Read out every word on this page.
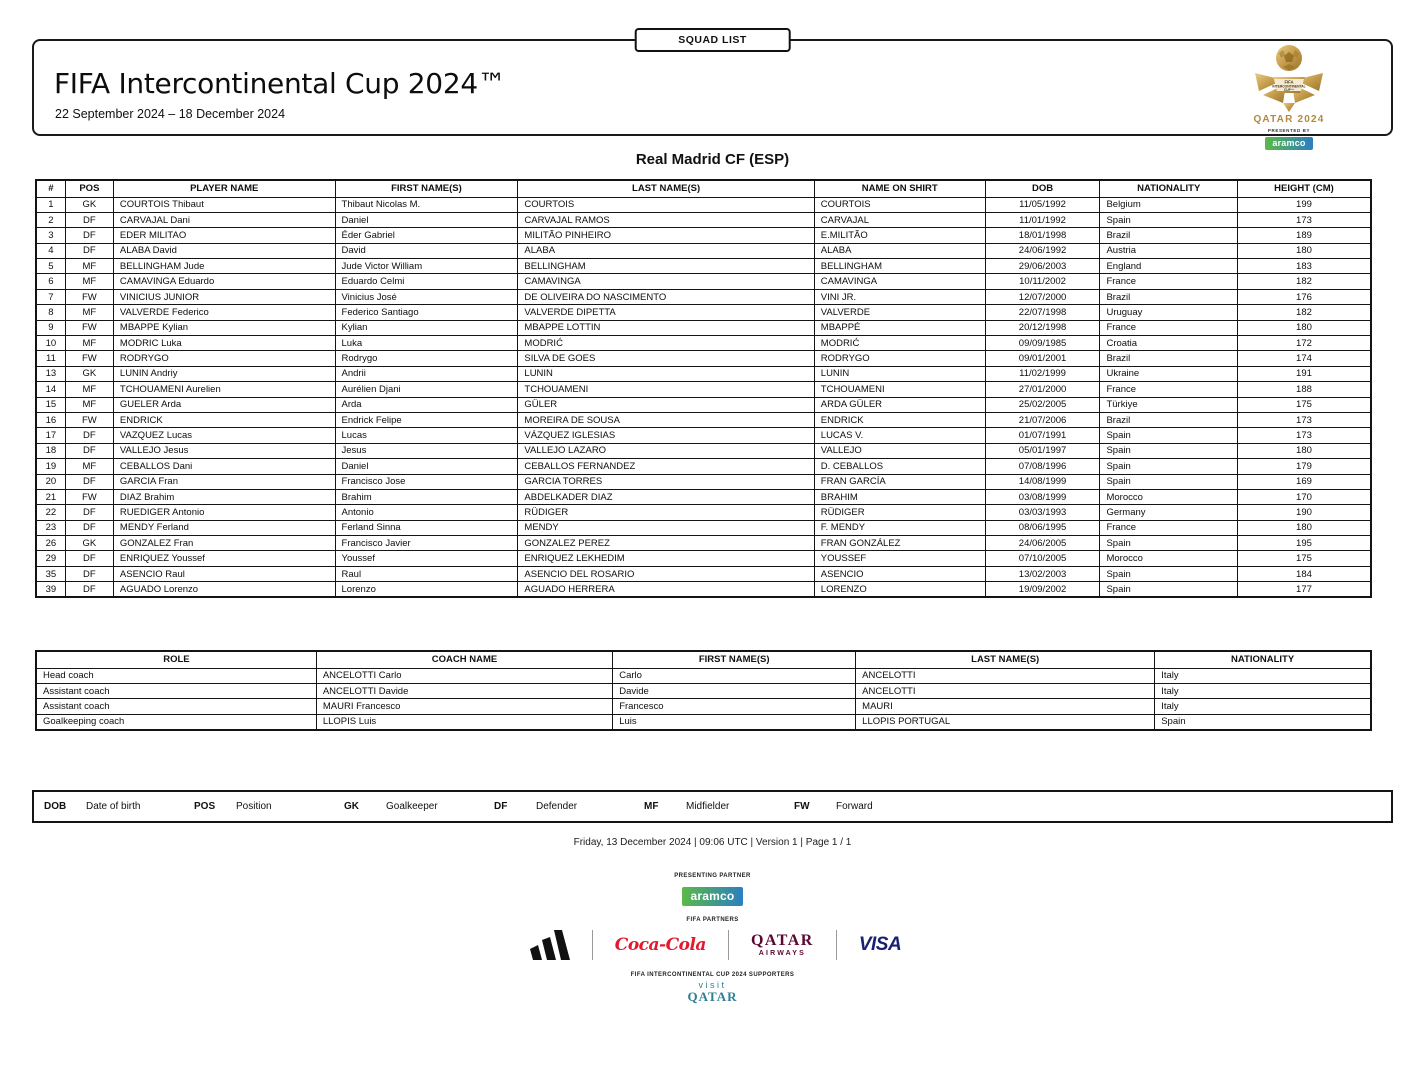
SQUAD LIST
FIFA Intercontinental Cup 2024™
22 September 2024 – 18 December 2024
FIFA
INTERCONTINENTAL
CUP™
QATAR 2024
PRESENTED BY
aramco
Real Madrid CF (ESP)
#	POS	PLAYER NAME	FIRST NAME(S)	LAST NAME(S)	NAME ON SHIRT	DOB	NATIONALITY	HEIGHT (CM)
1	GK	COURTOIS Thibaut	Thibaut Nicolas M.	COURTOIS	COURTOIS	11/05/1992	Belgium	199
2	DF	CARVAJAL Dani	Daniel	CARVAJAL RAMOS	CARVAJAL	11/01/1992	Spain	173
3	DF	EDER MILITAO	Éder Gabriel	MILITÃO PINHEIRO	E.MILITÃO	18/01/1998	Brazil	189
4	DF	ALABA David	David	ALABA	ALABA	24/06/1992	Austria	180
5	MF	BELLINGHAM Jude	Jude Victor William	BELLINGHAM	BELLINGHAM	29/06/2003	England	183
6	MF	CAMAVINGA Eduardo	Eduardo Celmi	CAMAVINGA	CAMAVINGA	10/11/2002	France	182
7	FW	VINICIUS JUNIOR	Vinicius José	DE OLIVEIRA DO NASCIMENTO	VINI JR.	12/07/2000	Brazil	176
8	MF	VALVERDE Federico	Federico Santiago	VALVERDE DIPETTA	VALVERDE	22/07/1998	Uruguay	182
9	FW	MBAPPE Kylian	Kylian	MBAPPE LOTTIN	MBAPPÉ	20/12/1998	France	180
10	MF	MODRIC Luka	Luka	MODRIĆ	MODRIĆ	09/09/1985	Croatia	172
11	FW	RODRYGO	Rodrygo	SILVA DE GOES	RODRYGO	09/01/2001	Brazil	174
13	GK	LUNIN Andriy	Andrii	LUNIN	LUNIN	11/02/1999	Ukraine	191
14	MF	TCHOUAMENI Aurelien	Aurélien Djani	TCHOUAMENI	TCHOUAMENI	27/01/2000	France	188
15	MF	GUELER Arda	Arda	GÜLER	ARDA GÜLER	25/02/2005	Türkiye	175
16	FW	ENDRICK	Endrick Felipe	MOREIRA DE SOUSA	ENDRICK	21/07/2006	Brazil	173
17	DF	VAZQUEZ Lucas	Lucas	VÁZQUEZ IGLESIAS	LUCAS V.	01/07/1991	Spain	173
18	DF	VALLEJO Jesus	Jesus	VALLEJO LAZARO	VALLEJO	05/01/1997	Spain	180
19	MF	CEBALLOS Dani	Daniel	CEBALLOS FERNANDEZ	D. CEBALLOS	07/08/1996	Spain	179
20	DF	GARCIA Fran	Francisco Jose	GARCIA TORRES	FRAN GARCÍA	14/08/1999	Spain	169
21	FW	DIAZ Brahim	Brahim	ABDELKADER DIAZ	BRAHIM	03/08/1999	Morocco	170
22	DF	RUEDIGER Antonio	Antonio	RÜDIGER	RÜDIGER	03/03/1993	Germany	190
23	DF	MENDY Ferland	Ferland Sinna	MENDY	F. MENDY	08/06/1995	France	180
26	GK	GONZALEZ Fran	Francisco Javier	GONZALEZ PEREZ	FRAN GONZÁLEZ	24/06/2005	Spain	195
29	DF	ENRIQUEZ Youssef	Youssef	ENRIQUEZ LEKHEDIM	YOUSSEF	07/10/2005	Morocco	175
35	DF	ASENCIO Raul	Raul	ASENCIO DEL ROSARIO	ASENCIO	13/02/2003	Spain	184
39	DF	AGUADO Lorenzo	Lorenzo	AGUADO HERRERA	LORENZO	19/09/2002	Spain	177
ROLE	COACH NAME	FIRST NAME(S)	LAST NAME(S)	NATIONALITY
Head coach	ANCELOTTI Carlo	Carlo	ANCELOTTI	Italy
Assistant coach	ANCELOTTI Davide	Davide	ANCELOTTI	Italy
Assistant coach	MAURI Francesco	Francesco	MAURI	Italy
Goalkeeping coach	LLOPIS Luis	Luis	LLOPIS PORTUGAL	Spain
DOB	Date of birth	POS	Position	GK	Goalkeeper	DF	Defender	MF	Midfielder	FW	Forward
Friday, 13 December 2024 | 09:06 UTC | Version 1 | Page 1 / 1
PRESENTING PARTNER
aramco
FIFA PARTNERS
Coca-Cola	QATAR
AIRWAYS	VISA
FIFA INTERCONTINENTAL CUP 2024 SUPPORTERS
visit
QATAR
